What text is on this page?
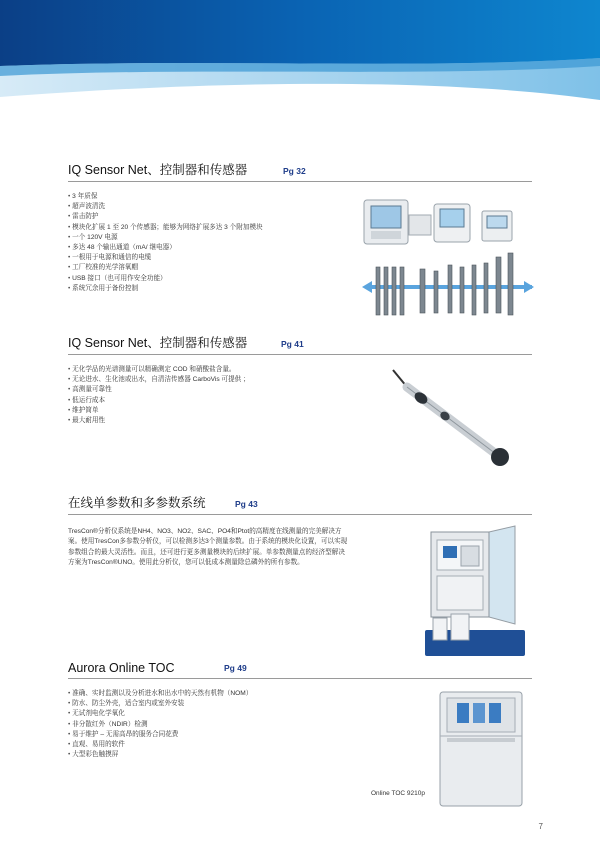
IQ Sensor Net、控制器和传感器	Pg 32
• 3 年质保
• 超声波清洗
• 雷击防护
• 模块化扩展 1 至 20 个传感器；能够为网络扩展多达 3 个附加模块
• 一个 120V 电源
• 多达 48 个输出通道（mA/ 继电器）
• 一根用于电源和通信的电缆
• 工厂校准的光学溶氧帽
• USB 接口（也可用作安全功能）
• 系统冗余用于备份控制
IQ Sensor Net、控制器和传感器	Pg 41
• 无化学品的光谱测量可以精确测定 COD 和硝酸盐含量。
• 无论进水、生化池或出水，自清洁传感器 CarboVis 可提供 ；
• 高测量可靠性
• 低运行成本
• 维护简单
• 最大耐用性
在线单参数和多参数系统	Pg 43
TresCon®分析仪系统是NH4、NO3、NO2、SAC、PO4和Ptot的高精度在线测量的完美解决方
案。使用TresCon多参数分析仪，可以检测多达3个测量参数。由于系统的模块化设置，可以实现
参数组合的最大灵活性。而且，还可进行更多测量模块的后续扩展。单参数测量点的经济型解决
方案为TresCon®UNO。使用此分析仪，您可以低成本测量除总磷外的所有参数。
Aurora Online TOC	Pg 49
• 准确、实时监测以及分析进水和出水中的天然有机物（NOM）
• 防水、防尘外壳，适合室内或室外安装
• 无试剂电化学氧化
• 非分散红外（NDIR）检测
• 易于维护 – 无需高昂的服务合同花费
• 直观、易用的软件
• 大型彩色触摸屏
Online TOC 9210p
7
